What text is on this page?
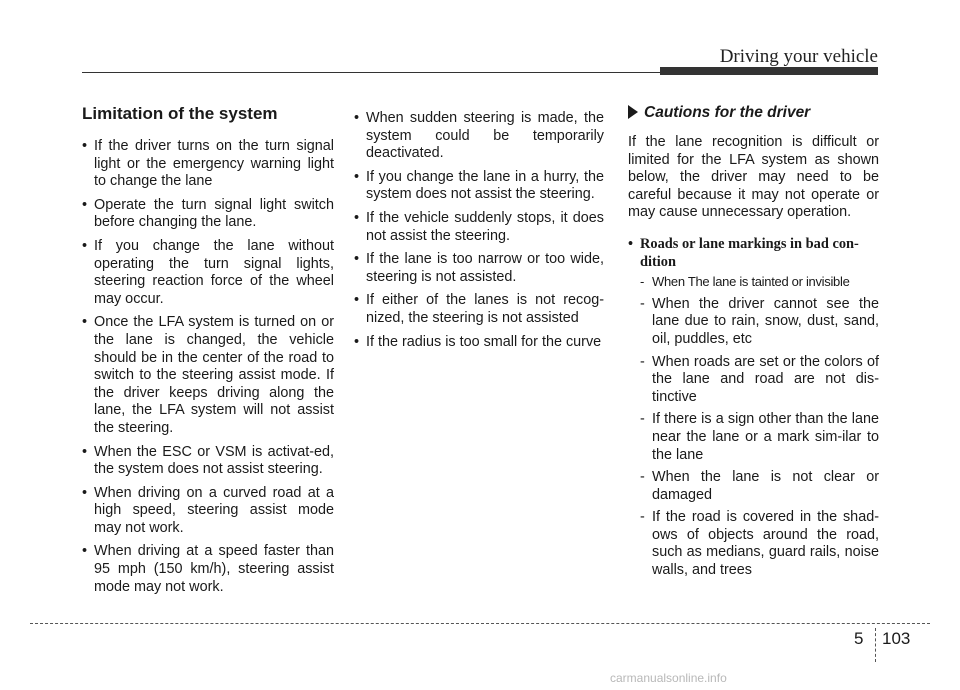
Driving your vehicle
Limitation of the system
• If the driver turns on the turn signal light or the emergency warning light to change the lane
• Operate the turn signal light switch before changing the lane.
• If you change the lane without operating the turn signal lights, steering reaction force of the wheel may occur.
• Once the LFA system is turned on or the lane is changed, the vehicle should be in the center of the road to switch to the steering assist mode. If the driver keeps driving along the lane, the LFA system will not assist the steering.
• When the ESC or VSM is activat-ed, the system does not assist steering.
• When driving on a curved road at a high speed, steering assist mode may not work.
• When driving at a speed faster than 95 mph (150 km/h), steering assist mode may not work.
• When sudden steering is made, the system could be temporarily deactivated.
• If you change the lane in a hurry, the system does not assist the steering.
• If the vehicle suddenly stops, it does not assist the steering.
• If the lane is too narrow or too wide, steering is not assisted.
• If either of the lanes is not recog-nized, the steering is not assisted
• If the radius is too small for the curve
Cautions for the driver

If the lane recognition is difficult or limited for the LFA system as shown below, the driver may need to be careful because it may not operate or may cause unnecessary operation.

• Roads or lane markings in bad con-dition
- When The lane is tainted or invisible
- When the driver cannot see the lane due to rain, snow, dust, sand, oil, puddles, etc
- When roads are set or the colors of the lane and road are not dis-tinctive
- If there is a sign other than the lane near the lane or a mark sim-ilar to the lane
- When the lane is not clear or damaged
- If the road is covered in the shad-ows of objects around the road, such as medians, guard rails, noise walls, and trees
5 103
carmanualsonline.info
